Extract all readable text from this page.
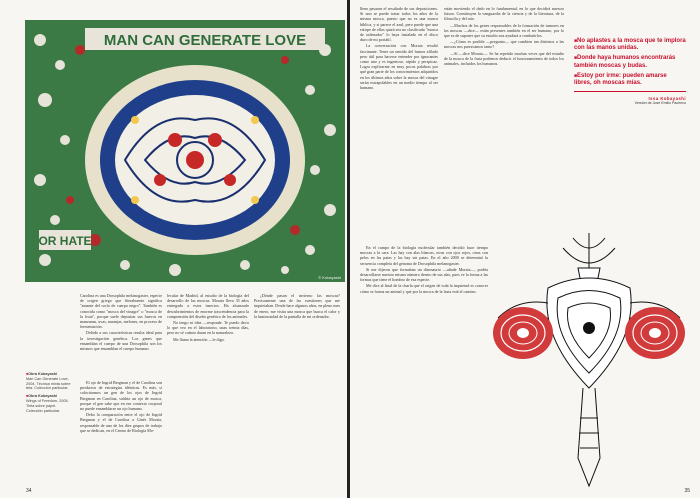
MAN CAN GENERATE LOVE
OR HATE
© Kobayashi
■ Obra Kobayashi
Man Can Generate Love, 2004. Técnica mixta sobre tela. Colección particular.
■ Obra Kobayashi
Wings of Freedom, 2005. Tinta sobre papel. Colección particular.

Carolina es una Drosophila melanogaster, especie de origen griego que literalmente significa "amante del rocío de cuerpo negro". También es conocida como "mosca del vinagre" o "mosca de la fruta", porque suele depositar sus huevos en manzanas, uvas, naranjas, melones, en proceso de fermentación.

Debido a sus características resulta ideal para la investigación genética. Los genes que ensamblan el cuerpo de una Drosophila son los mismos que ensamblan el cuerpo humano.

El ojo de Ingrid Bergman y el de Carolina son productos de estrategias idénticas. Es más, si colocáramos un gen de los ojos de Ingrid Bergman en Carolina, saldría un ojo de mosca, porque el gen sabe que en ese contexto corporal no puede ensamblarse un ojo humano.

Debo la comparación entre el ojo de Ingrid Bergman y el de Carolina a Ginés Morata, responsable de uno de los diez grupos de trabajo que se dedican, en el Centro de Biología Mo-

lecular de Madrid, al estudio de la biología del desarrollo de las moscas. Morata lleva 35 años entregado a estos insectos. Ha alcanzado descubrimientos de enorme trascendencia para la comprensión del diseño genético de los animales.

No tengo ni idea —responde. Te puedo decir lo que veo en el laboratorio, unas treinta días, pero no sé cuánto duran en la naturaleza.

Me llama la atención —le digo.

¿Dónde pasan el invierno las moscas? Precisamente una de las cuestiones que me inquietaban. Desde hace algunos años, en pleno mes de enero, me visita una mosca que busca el calor y la luminosidad de la pantalla de mi ordenador.

34

lleno pasaron el resultado de sus deposiciones. Si uno se puede tratar todos los años de la misma mosca, puesto que no es una mosca bíblica, y si parece el azul, pero puede que una estirpe de ellas quizá sea no clasificada "mosca de ordenador" lo haya instalado en el disco duro de mi portátil.

La conversación con Morata resultó fascinante. Tener un sentido del humor afilado pero útil para hacerse entender por ignorantes como uno y es ingenioso, rápido y perspicaz. Logra explicarme en muy pocas palabras por qué gran parte de los conocimientos adquiridos en los últimos años sobre la mosca del vinagre serán extrapolables en un medio tiempo al ser humano.

están moviendo el dedo en lo fundamental, en lo que decidirá nuestro futuro. Constituyen la vanguardia de la ciencia y de la literatura, de la filosofía y del arte.

—Muchos de los genes responsables de la formación de tumores en las moscas —dice— están presentes también en el ser humano, por lo que es de suponer que su estudio nos ayudará a combatirlos.

—¿Cómo es posible —pregunto— que cambien tan distintos a las moscas nos parezcamos tanto?

—Sí —dice Morata—. Se ha repetido muchas veces que del estudio de la mosca de la fruta podemos deducir el funcionamiento de todos los animales, incluidos los humanos.

En el campo de la biología molecular también decidió hace tiempo moscas a la cara. Las hay con alas blancas, otras con ojos rojos, otras con pelos en las patas y las hay sin patas. En el año 2000 se determinó la secuencia completa del genoma de Drosophila melanogaster.

Si me dijeron que formaban un dinosaurio —añade Morata—, podría desarrollarse nuestro mismo número dentro de sus alas, pues ve la forma a las formas que tiene el hombro de esa especie.

Me dice al final de la charla que el origen de toda la inquietud es conocer cómo se forma un animal y que por la mosca de la fruta está el camino.

35

■ No aplastes a la mosca que te implora con las manos unidas.

■ Donde haya humanos encontrarás también moscas y budas.

■ Estoy por irme: pueden amarse libres, oh moscas mías.

Issa Kobayashi
Versión de José Emilio Pacheco
